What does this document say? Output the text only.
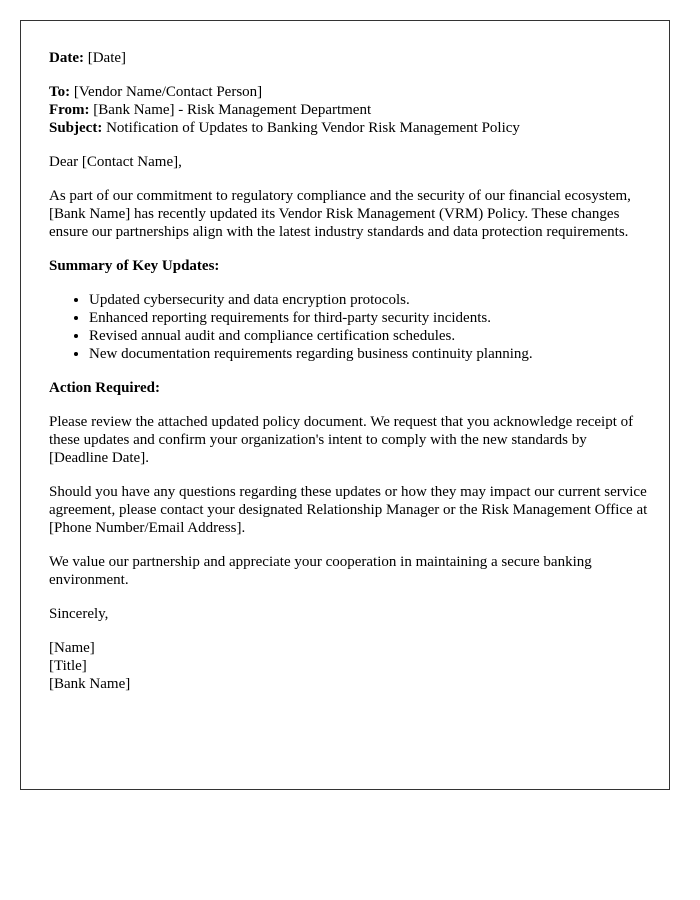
Date: [Date]

To: [Vendor Name/Contact Person]
From: [Bank Name] - Risk Management Department
Subject: Notification of Updates to Banking Vendor Risk Management Policy

Dear [Contact Name],

As part of our commitment to regulatory compliance and the security of our financial ecosystem, [Bank Name] has recently updated its Vendor Risk Management (VRM) Policy. These changes ensure our partnerships align with the latest industry standards and data protection requirements.

Summary of Key Updates:

• Updated cybersecurity and data encryption protocols.
• Enhanced reporting requirements for third-party security incidents.
• Revised annual audit and compliance certification schedules.
• New documentation requirements regarding business continuity planning.

Action Required:

Please review the attached updated policy document. We request that you acknowledge receipt of these updates and confirm your organization's intent to comply with the new standards by [Deadline Date].

Should you have any questions regarding these updates or how they may impact our current service agreement, please contact your designated Relationship Manager or the Risk Management Office at [Phone Number/Email Address].

We value our partnership and appreciate your cooperation in maintaining a secure banking environment.

Sincerely,

[Name]
[Title]
[Bank Name]
